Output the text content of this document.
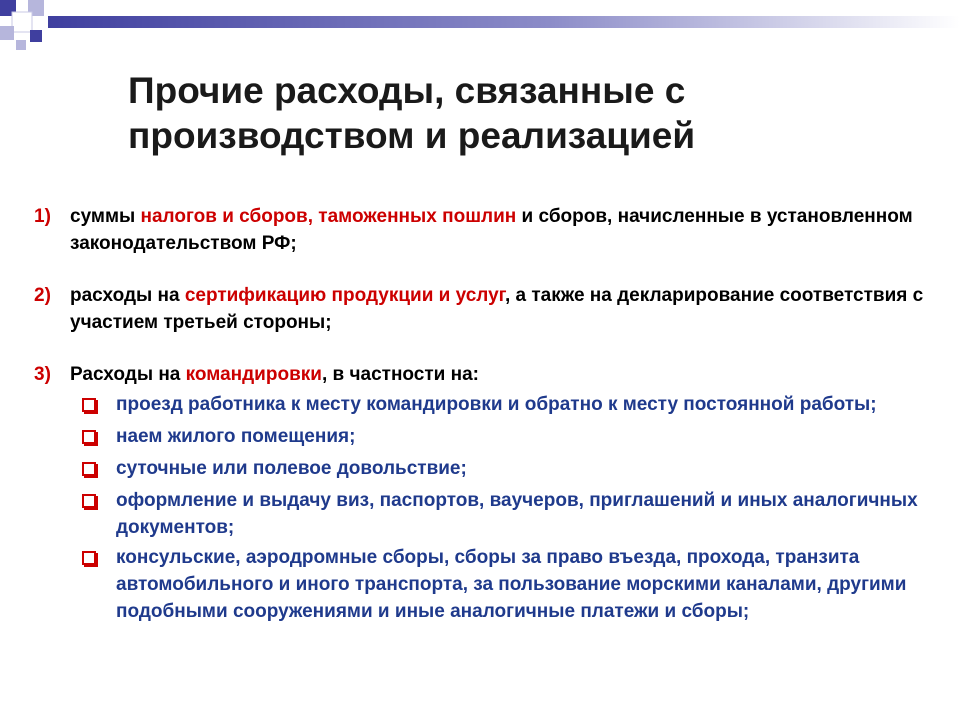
Прочие расходы, связанные с производством и реализацией
1)	суммы налогов и сборов, таможенных пошлин и сборов, начисленные в установленном законодательством РФ;
2)	расходы на сертификацию продукции и услуг, а также на декларирование соответствия с участием третьей стороны;
3)	Расходы на командировки, в частности на:
проезд работника к месту командировки и обратно к месту постоянной работы;
наем жилого помещения;
суточные или полевое довольствие;
оформление и выдачу виз, паспортов, ваучеров, приглашений и иных аналогичных документов;
консульские, аэродромные сборы, сборы за право въезда, прохода, транзита автомобильного и иного транспорта, за пользование морскими каналами, другими подобными сооружениями и иные аналогичные платежи и сборы;
